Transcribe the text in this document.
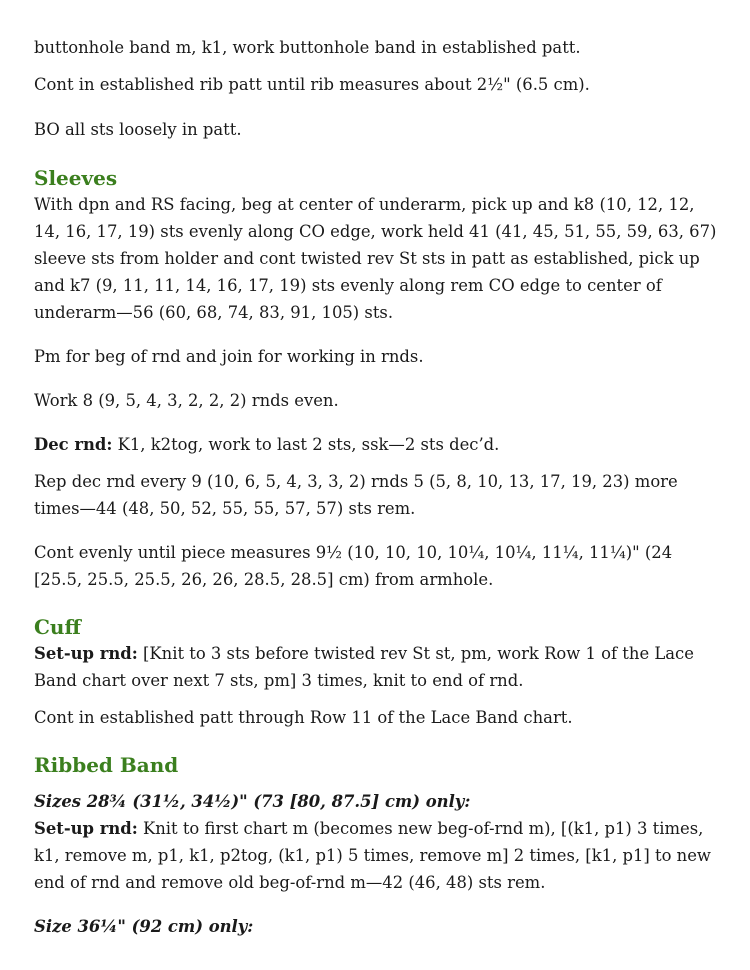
buttonhole band m, k1, work buttonhole band in established patt.

Cont in established rib patt until rib measures about 2½" (6.5 cm).

BO all sts loosely in patt.

Sleeves

With dpn and RS facing, beg at center of underarm, pick up and k8 (10, 12, 12, 14, 16, 17, 19) sts evenly along CO edge, work held 41 (41, 45, 51, 55, 59, 63, 67) sleeve sts from holder and cont twisted rev St sts in patt as established, pick up and k7 (9, 11, 11, 14, 16, 17, 19) sts evenly along rem CO edge to center of underarm—56 (60, 68, 74, 83, 91, 105) sts.

Pm for beg of rnd and join for working in rnds.

Work 8 (9, 5, 4, 3, 2, 2, 2) rnds even.

Dec rnd: K1, k2tog, work to last 2 sts, ssk—2 sts dec’d.

Rep dec rnd every 9 (10, 6, 5, 4, 3, 3, 2) rnds 5 (5, 8, 10, 13, 17, 19, 23) more times—44 (48, 50, 52, 55, 55, 57, 57) sts rem.

Cont evenly until piece measures 9½ (10, 10, 10, 10¼, 10¼, 11¼, 11¼)" (24 [25.5, 25.5, 25.5, 26, 26, 28.5, 28.5] cm) from armhole.

Cuff

Set-up rnd: [Knit to 3 sts before twisted rev St st, pm, work Row 1 of the Lace Band chart over next 7 sts, pm] 3 times, knit to end of rnd.

Cont in established patt through Row 11 of the Lace Band chart.

Ribbed Band

Sizes 28¾ (31½, 34½)" (73 [80, 87.5] cm) only:

Set-up rnd: Knit to first chart m (becomes new beg-of-rnd m), [(k1, p1) 3 times, k1, remove m, p1, k1, p2tog, (k1, p1) 5 times, remove m] 2 times, [k1, p1] to new end of rnd and remove old beg-of-rnd m—42 (46, 48) sts rem.

Size 36¼" (92 cm) only:
